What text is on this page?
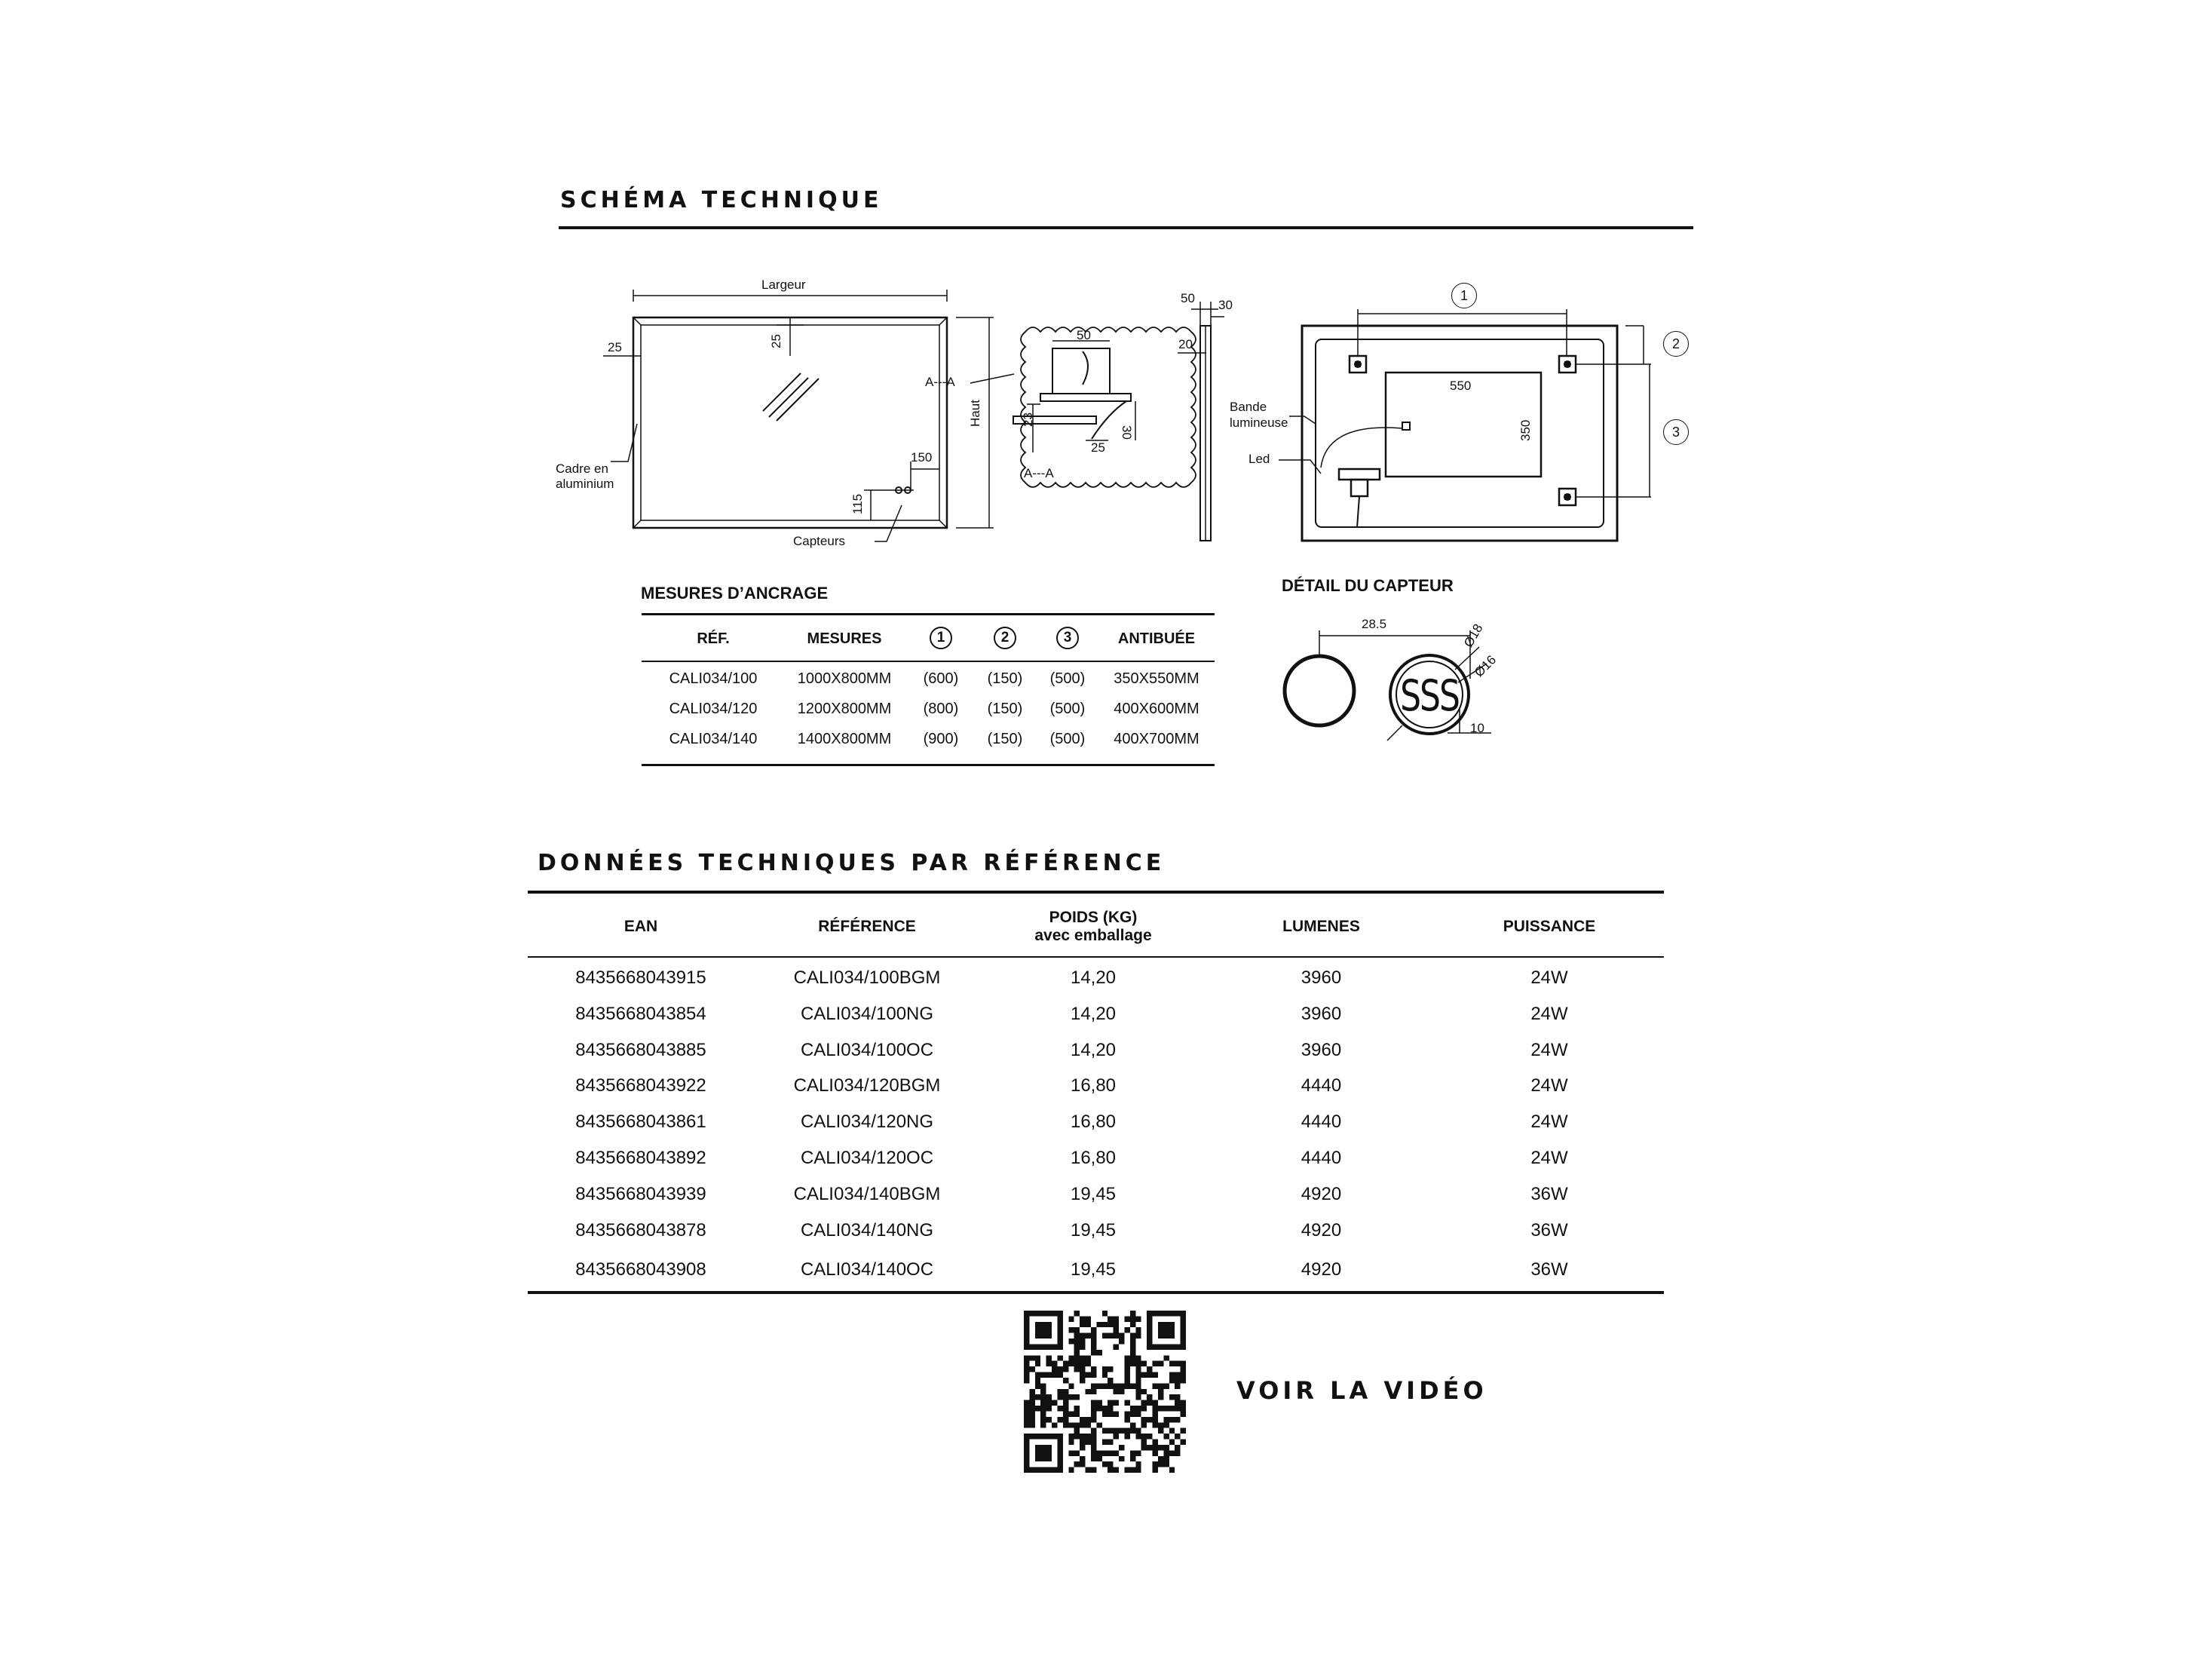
SCHÉMA TECHNIQUE
Largeur
Haut
25	25
A---A
A---A
Cadre en
aluminium
150
115
Capteurs
50
23
30
25
50 30
20
Bande
lumineuse
Led
550
350
1
2
3
MESURES D’ANCRAGE
RÉF.	MESURES	1	2	3	ANTIBUÉE
CALI034/100	1000X800MM	(600)	(150)	(500)	350X550MM
CALI034/120	1200X800MM	(800)	(150)	(500)	400X600MM
CALI034/140	1400X800MM	(900)	(150)	(500)	400X700MM
DÉTAIL DU CAPTEUR
28.5	Ø18
Ø16
10
SSS
DONNÉES TECHNIQUES PAR RÉFÉRENCE
EAN	RÉFÉRENCE
POIDS (KG)
avec emballage
LUMENES	PUISSANCE
8435668043915	CALI034/100BGM	14,20	3960	24W
8435668043854	CALI034/100NG	14,20	3960	24W
8435668043885	CALI034/100OC	14,20	3960	24W
8435668043922	CALI034/120BGM	16,80	4440	24W
8435668043861	CALI034/120NG	16,80	4440	24W
8435668043892	CALI034/120OC	16,80	4440	24W
8435668043939	CALI034/140BGM	19,45	4920	36W
8435668043878	CALI034/140NG	19,45	4920	36W
8435668043908	CALI034/140OC	19,45	4920	36W
VOIR LA VIDÉO
